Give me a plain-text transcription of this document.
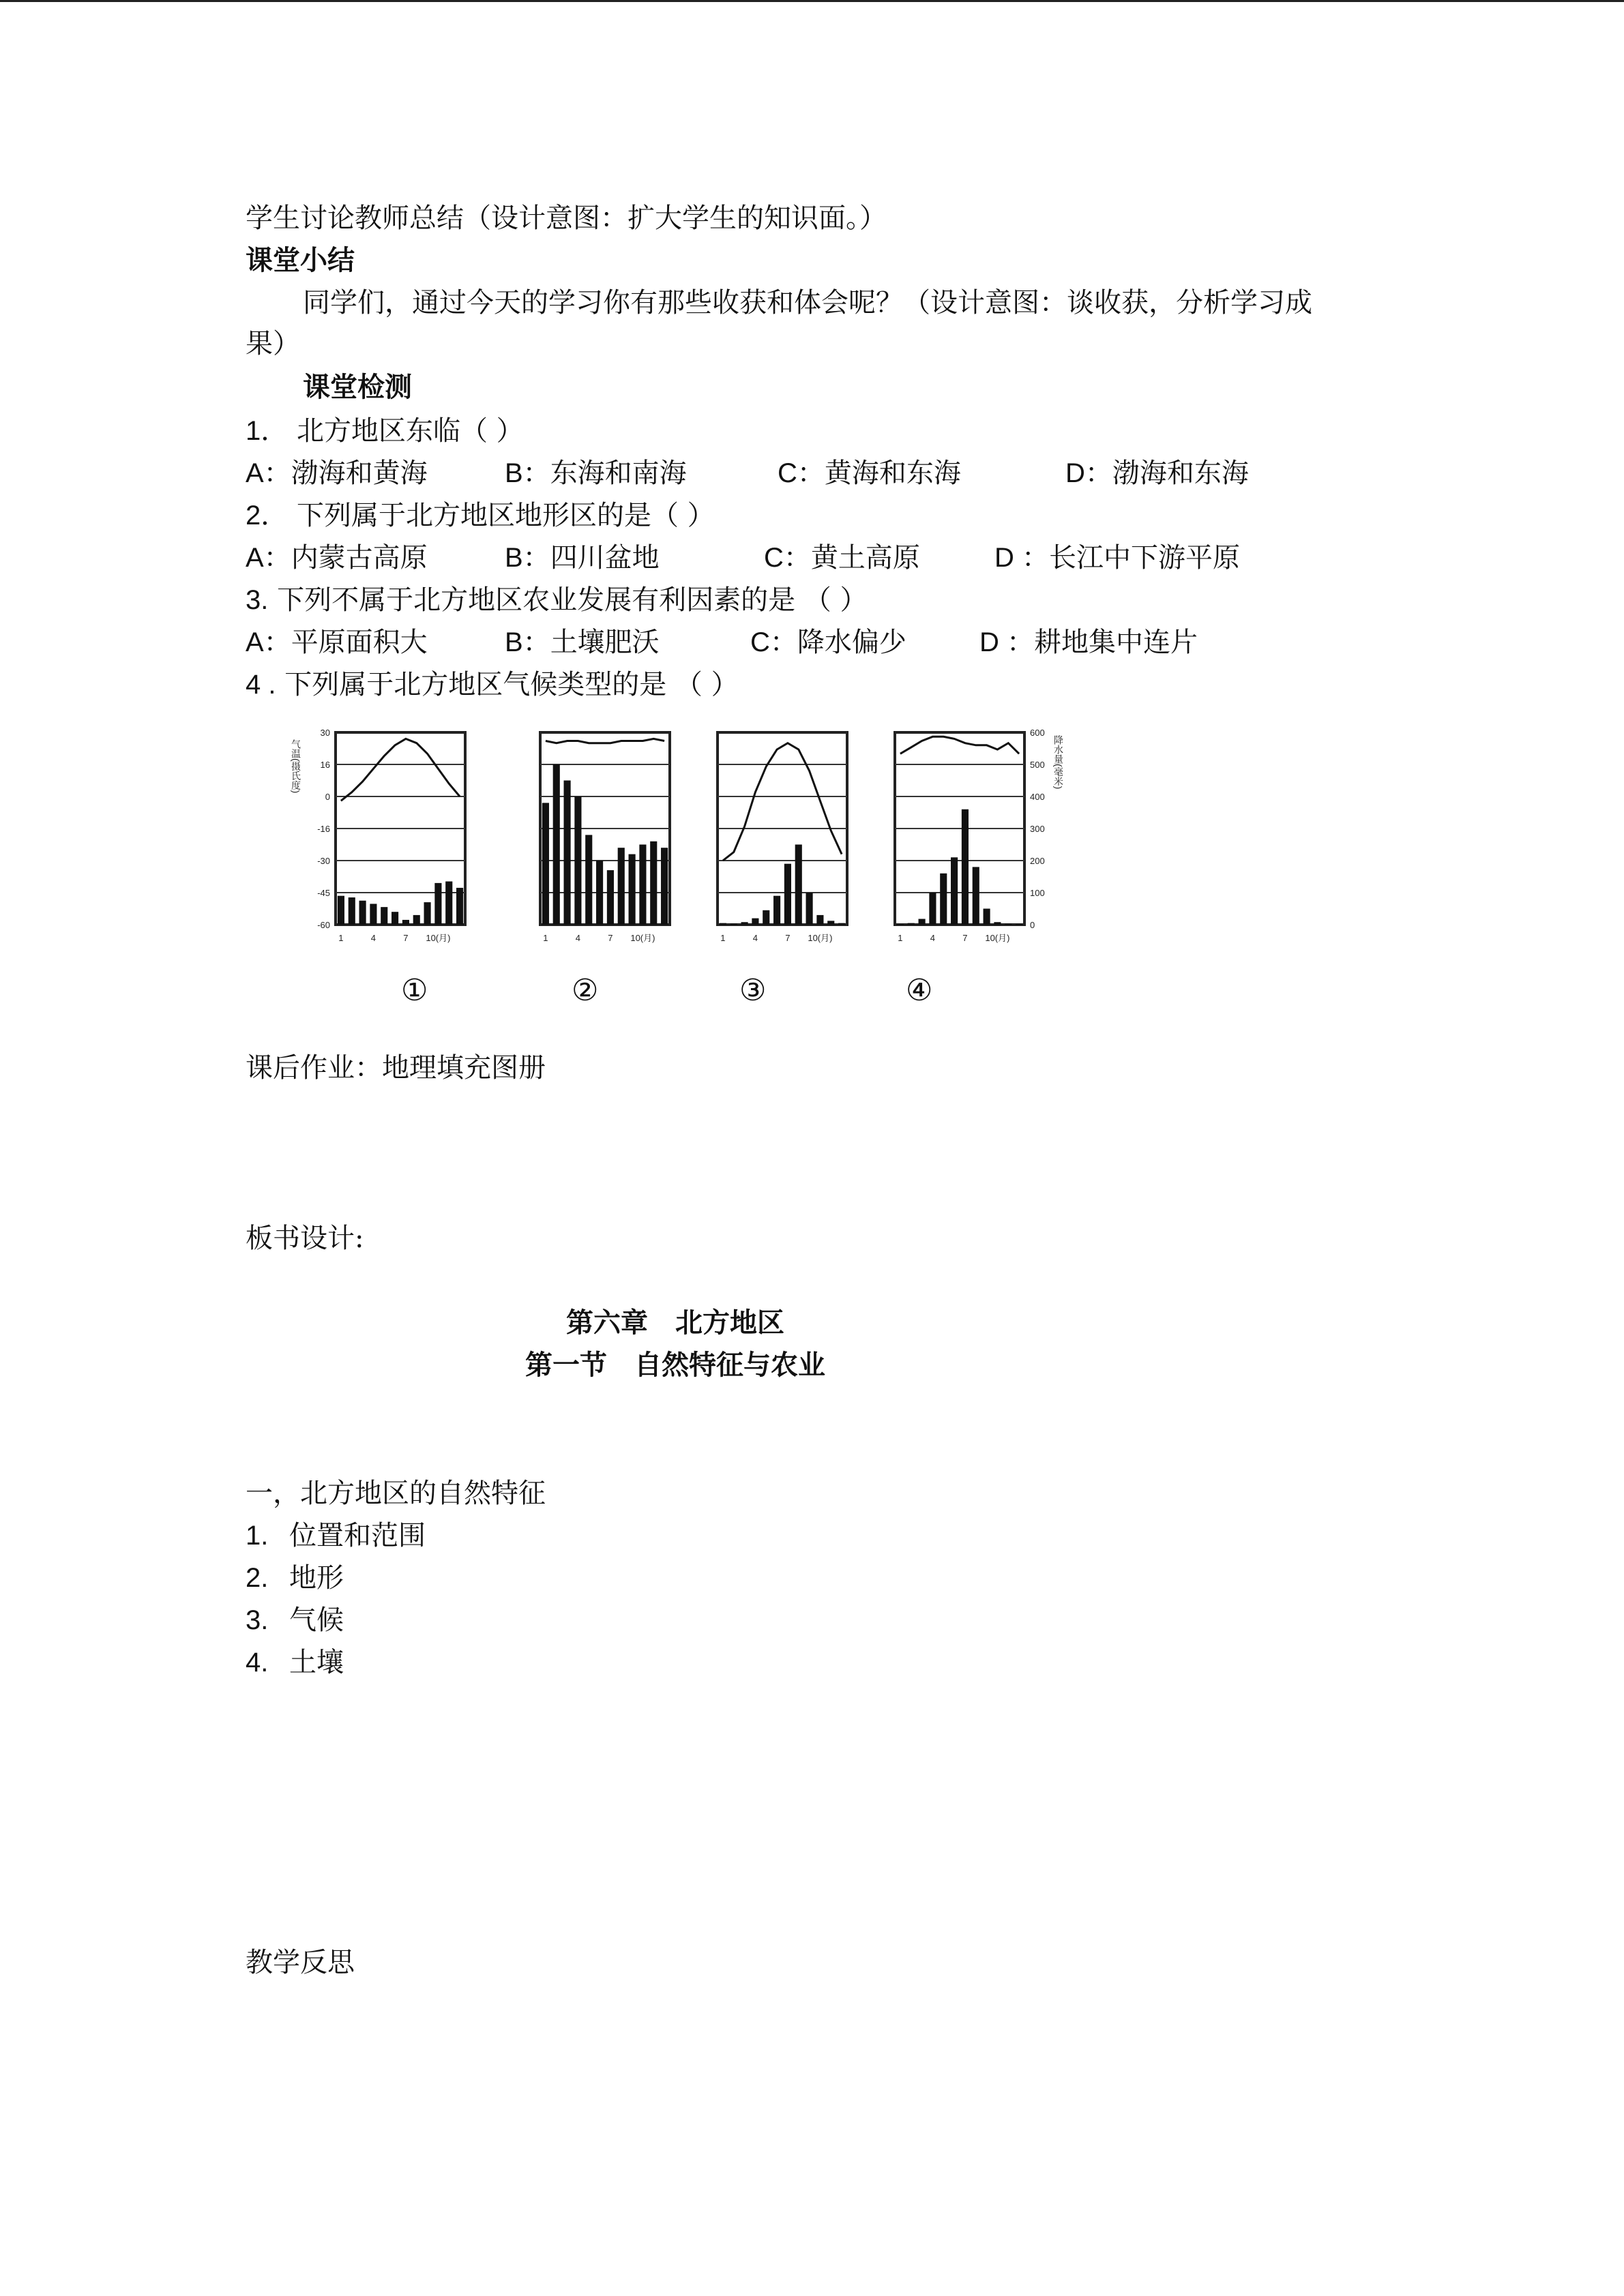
学生讨论教师总结（设计意图：扩大学生的知识面。）
课堂小结
同学们，通过今天的学习你有那些收获和体会呢？（设计意图：谈收获，分析学习成
果）
课堂检测
1． 北方地区东临（ ）
A：渤海和黄海	B：东海和南海	C：黄海和东海	D：渤海和东海
2． 下列属于北方地区地形区的是（ ）
A：内蒙古高原	B：四川盆地	C：黄土高原	D ：长江中下游平原
3. 下列不属于北方地区农业发展有利因素的是 （ ）
A：平原面积大	B：土壤肥沃	C：降水偏少	D ：耕地集中连片
4 . 下列属于北方地区气候类型的是 （ ）
1	4	7 10(月)
30
16
0
-16
-30
-45
-60
气温(摄氏度)
1	4	7 10(月)	1	4	7 10(月)	1	4	7 10(月)
600
500
400
300
200
100
0
降水量(毫米)
①	②	③	④
课后作业：地理填充图册
板书设计:
第六章　北方地区
第一节　自然特征与农业
一，北方地区的自然特征
1. 位置和范围
2. 地形
3. 气候
4. 土壤
教学反思
